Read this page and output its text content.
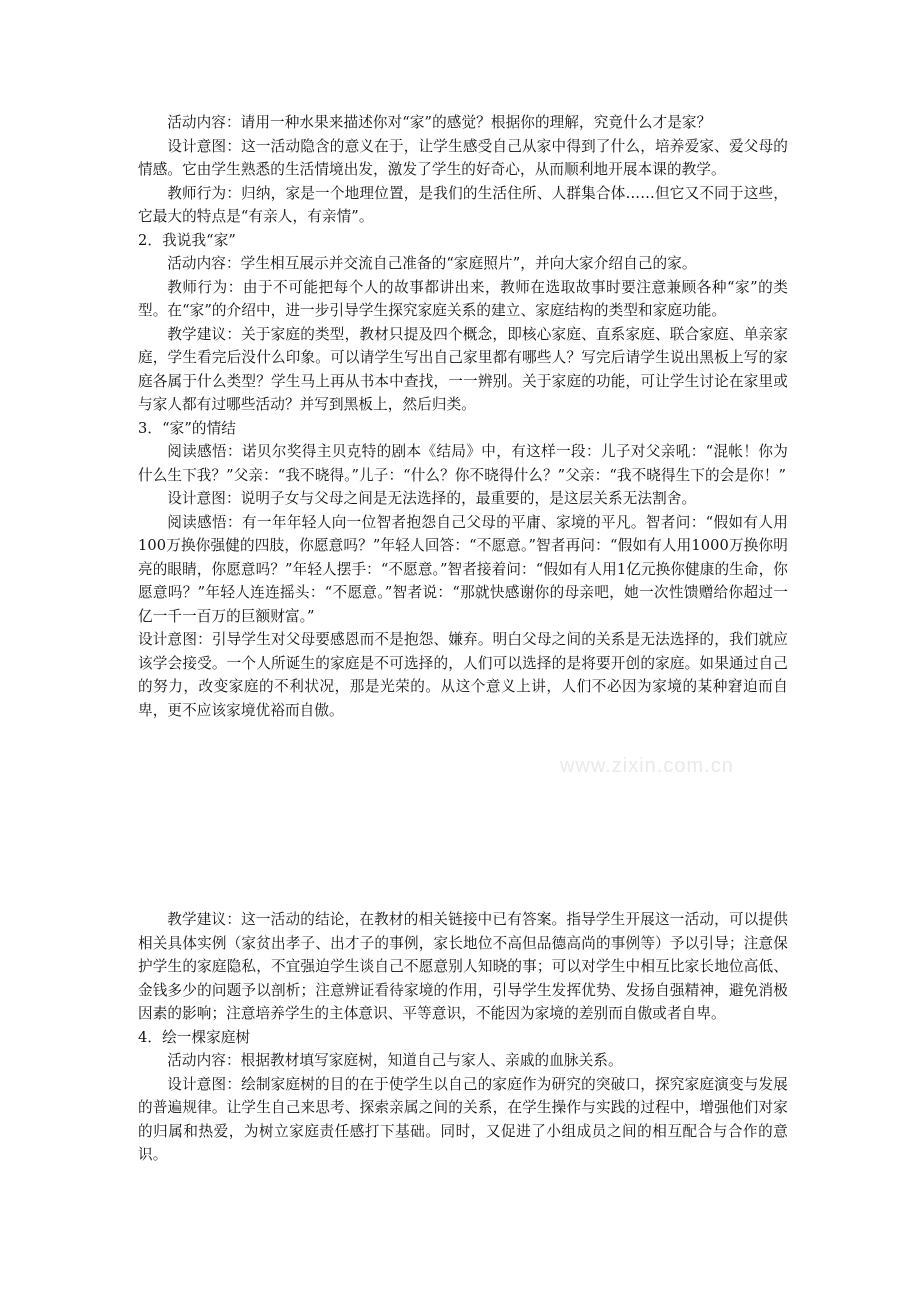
活动内容：请用一种水果来描述你对“家”的感觉？根据你的理解，究竟什么才是家？

设计意图：这一活动隐含的意义在于，让学生感受自己从家中得到了什么，培养爱家、爱父母的情感。它由学生熟悉的生活情境出发，激发了学生的好奇心，从而顺利地开展本课的教学。

教师行为：归纳，家是一个地理位置，是我们的生活住所、人群集合体……但它又不同于这些，它最大的特点是“有亲人，有亲情”。

2．我说我“家”

活动内容：学生相互展示并交流自己准备的“家庭照片”，并向大家介绍自己的家。

教师行为：由于不可能把每个人的故事都讲出来，教师在选取故事时要注意兼顾各种“家”的类型。在“家”的介绍中，进一步引导学生探究家庭关系的建立、家庭结构的类型和家庭功能。

教学建议：关于家庭的类型，教材只提及四个概念，即核心家庭、直系家庭、联合家庭、单亲家庭，学生看完后没什么印象。可以请学生写出自己家里都有哪些人？写完后请学生说出黑板上写的家庭各属于什么类型？学生马上再从书本中查找，一一辨别。关于家庭的功能，可让学生讨论在家里或与家人都有过哪些活动？并写到黑板上，然后归类。

3．“家”的情结

阅读感悟：诺贝尔奖得主贝克特的剧本《结局》中，有这样一段：儿子对父亲吼：“混帐！你为什么生下我？”父亲：“我不晓得。”儿子：“什么？你不晓得什么？”父亲：“我不晓得生下的会是你！”

设计意图：说明子女与父母之间是无法选择的，最重要的，是这层关系无法割舍。

阅读感悟：有一年年轻人向一位智者抱怨自己父母的平庸、家境的平凡。智者问：“假如有人用100万换你强健的四肢，你愿意吗？”年轻人回答：“不愿意。”智者再问：“假如有人用1000万换你明亮的眼睛，你愿意吗？”年轻人摆手：“不愿意。”智者接着问：“假如有人用1亿元换你健康的生命，你愿意吗？”年轻人连连摇头：“不愿意。”智者说：“那就快感谢你的母亲吧，她一次性馈赠给你超过一亿一千一百万的巨额财富。”

设计意图：引导学生对父母要感恩而不是抱怨、嫌弃。明白父母之间的关系是无法选择的，我们就应该学会接受。一个人所诞生的家庭是不可选择的，人们可以选择的是将要开创的家庭。如果通过自己的努力，改变家庭的不利状况，那是光荣的。从这个意义上讲，人们不必因为家境的某种窘迫而自卑，更不应该家境优裕而自傲。

www.zixin.com.cn

教学建议：这一活动的结论，在教材的相关链接中已有答案。指导学生开展这一活动，可以提供相关具体实例（家贫出孝子、出才子的事例，家长地位不高但品德高尚的事例等）予以引导；注意保护学生的家庭隐私，不宜强迫学生谈自己不愿意别人知晓的事；可以对学生中相互比家长地位高低、金钱多少的问题予以剖析；注意辨证看待家境的作用，引导学生发挥优势、发扬自强精神，避免消极因素的影响；注意培养学生的主体意识、平等意识，不能因为家境的差别而自傲或者自卑。

4．绘一棵家庭树

活动内容：根据教材填写家庭树，知道自己与家人、亲戚的血脉关系。

设计意图：绘制家庭树的目的在于使学生以自己的家庭作为研究的突破口，探究家庭演变与发展的普遍规律。让学生自己来思考、探索亲属之间的关系，在学生操作与实践的过程中，增强他们对家的归属和热爱，为树立家庭责任感打下基础。同时，又促进了小组成员之间的相互配合与合作的意识。
